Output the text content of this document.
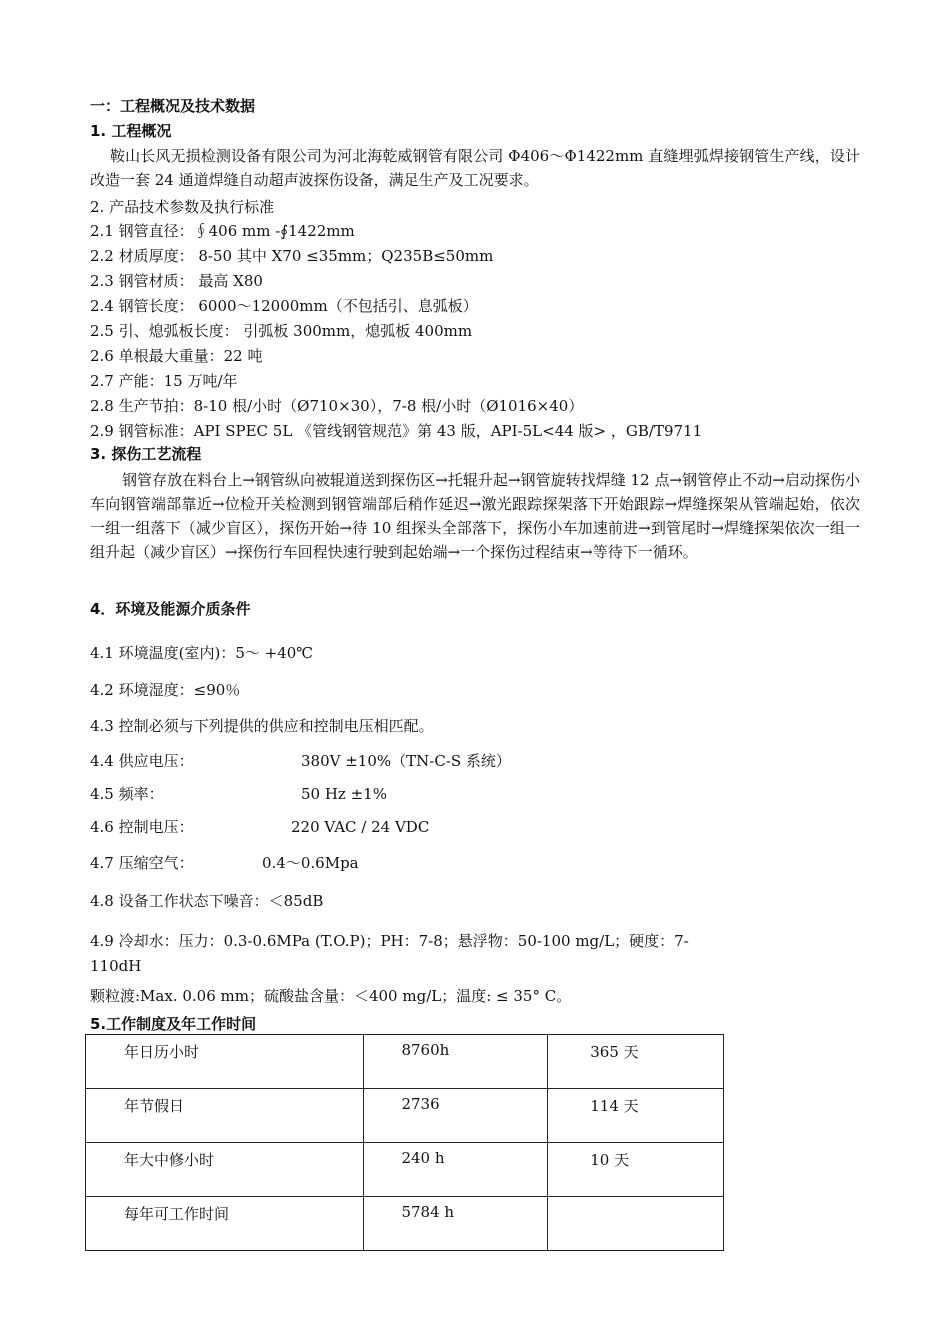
一：工程概况及技术数据
1. 工程概况
鞍山长风无损检测设备有限公司为河北海乾威钢管有限公司 Φ406～Φ1422mm 直缝埋弧焊接钢管生产线，设计改造一套 24 通道焊缝自动超声波探伤设备，满足生产及工况要求。
2. 产品技术参数及执行标准
2.1 钢管直径：∮406 mm -∮1422mm
2.2 材质厚度： 8-50 其中 X70 ≤35mm；Q235B≤50mm
2.3 钢管材质： 最高 X80
2.4 钢管长度： 6000～12000mm（不包括引、息弧板）
2.5 引、熄弧板长度： 引弧板 300mm，熄弧板 400mm
2.6 单根最大重量：22 吨
2.7 产能：15 万吨/年
2.8 生产节拍：8-10 根/小时（Ø710×30），7-8 根/小时（Ø1016×40）
2.9 钢管标准：API SPEC 5L 《管线钢管规范》第 43 版，API-5L<44 版> ，GB/T9711
3. 探伤工艺流程
钢管存放在料台上→钢管纵向被辊道送到探伤区→托辊升起→钢管旋转找焊缝 12 点→钢管停止不动→启动探伤小车向钢管端部靠近→位检开关检测到钢管端部后稍作延迟→激光跟踪探架落下开始跟踪→焊缝探架从管端起始，依次一组一组落下（减少盲区），探伤开始→待 10 组探头全部落下，探伤小车加速前进→到管尾时→焊缝探架依次一组一组升起（减少盲区）→探伤行车回程快速行驶到起始端→一个探伤过程结束→等待下一循环。
4．环境及能源介质条件
4.1 环境温度(室内)：5～ +40℃
4.2 环境湿度：≤90％
4.3 控制必须与下列提供的供应和控制电压相匹配。
4.4 供应电压：	380V ±10%（TN-C-S 系统）
4.5 频率：	50 Hz ±1%
4.6 控制电压：	220 VAC / 24 VDC
4.7 压缩空气：	0.4～0.6Mpa
4.8 设备工作状态下噪音：＜85dB
4.9 冷却水：压力：0.3-0.6MPa (T.O.P)；PH：7-8；悬浮物：50-100 mg/L；硬度：7-
110dH
颗粒渡:Max. 0.06 mm；硫酸盐含量：＜400 mg/L；温度: ≤ 35° C。
5.工作制度及年工作时间
年日历小时	8760h	365 天
年节假日	2736	114 天
年大中修小时	240 h	10 天
每年可工作时间	5784 h	
